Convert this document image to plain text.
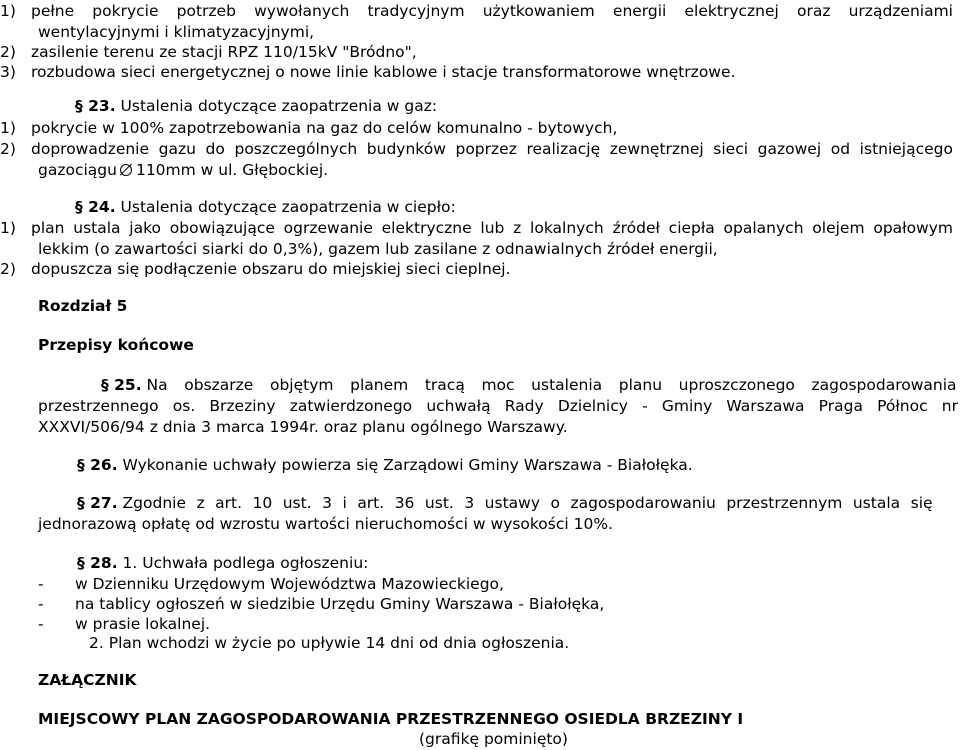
1) pełne pokrycie potrzeb wywołanych tradycyjnym użytkowaniem energii elektrycznej oraz urządzeniami
wentylacyjnymi i klimatyzacyjnymi,
2) zasilenie terenu ze stacji RPZ 110/15kV "Bródno",
3) rozbudowa sieci energetycznej o nowe linie kablowe i stacje transformatorowe wnętrzowe.
§ 23. Ustalenia dotyczące zaopatrzenia w gaz:
1) pokrycie w 100% zapotrzebowania na gaz do celów komunalno - bytowych,
2) doprowadzenie gazu do poszczególnych budynków poprzez realizację zewnętrznej sieci gazowej od istniejącego
gazociągu 110mm w ul. Głębockiej.
§ 24. Ustalenia dotyczące zaopatrzenia w ciepło:
1) plan ustala jako obowiązujące ogrzewanie elektryczne lub z lokalnych źródeł ciepła opalanych olejem opałowym
lekkim (o zawartości siarki do 0,3%), gazem lub zasilane z odnawialnych źródeł energii,
2) dopuszcza się podłączenie obszaru do miejskiej sieci cieplnej.
Rozdział 5
Przepisy końcowe
§ 25. Na obszarze objętym planem tracą moc ustalenia planu uproszczonego zagospodarowania
przestrzennego os. Brzeziny zatwierdzonego uchwałą Rady Dzielnicy - Gminy Warszawa Praga Północ nr
XXXVI/506/94 z dnia 3 marca 1994r. oraz planu ogólnego Warszawy.
§ 26. Wykonanie uchwały powierza się Zarządowi Gminy Warszawa - Białołęka.
§ 27. Zgodnie z art. 10 ust. 3 i art. 36 ust. 3 ustawy o zagospodarowaniu przestrzennym ustala się
jednorazową opłatę od wzrostu wartości nieruchomości w wysokości 10%.
§ 28. 1. Uchwała podlega ogłoszeniu:
- w Dzienniku Urzędowym Województwa Mazowieckiego,
- na tablicy ogłoszeń w siedzibie Urzędu Gminy Warszawa - Białołęka,
- w prasie lokalnej.
2. Plan wchodzi w życie po upływie 14 dni od dnia ogłoszenia.
ZAŁĄCZNIK
MIEJSCOWY PLAN ZAGOSPODAROWANIA PRZESTRZENNEGO OSIEDLA BRZEZINY I
(grafikę pominięto)
